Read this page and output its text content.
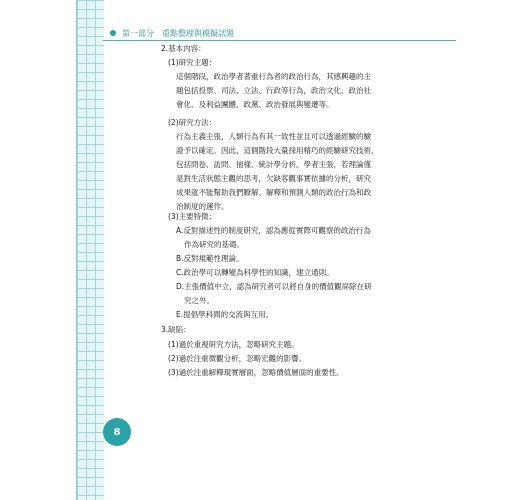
第一部分　重點整理與模擬試題
8
2.基本內容：
(1)研究主題：
這個階段，政治學者著重行為者的政治行為，其感興趣的主
題包括投票、司法、立法、行政等行為，政治文化、政治社
會化、及利益團體、政黨、政治發展與變遷等。
(2)研究方法：
行為主義主張，人類行為有其一致性並且可以透過經驗的驗
證予以確定。因此，這個階段大量採用精巧的經驗研究技術，
包括問卷、訪問、抽樣、統計學分析。學者主張，若理論僅
是對生活狀態主觀的思考，欠缺客觀事實依據的分析，研究
成果就不能幫助我們瞭解、解釋和預測人類的政治行為和政
治制度的運作。
(3)主要特徵：
A.反對描述性的制度研究，認為應從實際可觀察的政治行為
作為研究的基礎。
B.反對規範性理論。
C.政治學可以轉變為科學性的知識，建立通則。
D.主張價值中立，認為研究者可以將自身的價值觀屏除在研
究之外。
E.提倡學科間的交流與互用。
3.缺陷：
(1)過於重視研究方法，忽略研究主題。
(2)過於注重微觀分析，忽略宏觀的影響。
(3)過於注重解釋現實層面，忽略價值層面的重要性。
